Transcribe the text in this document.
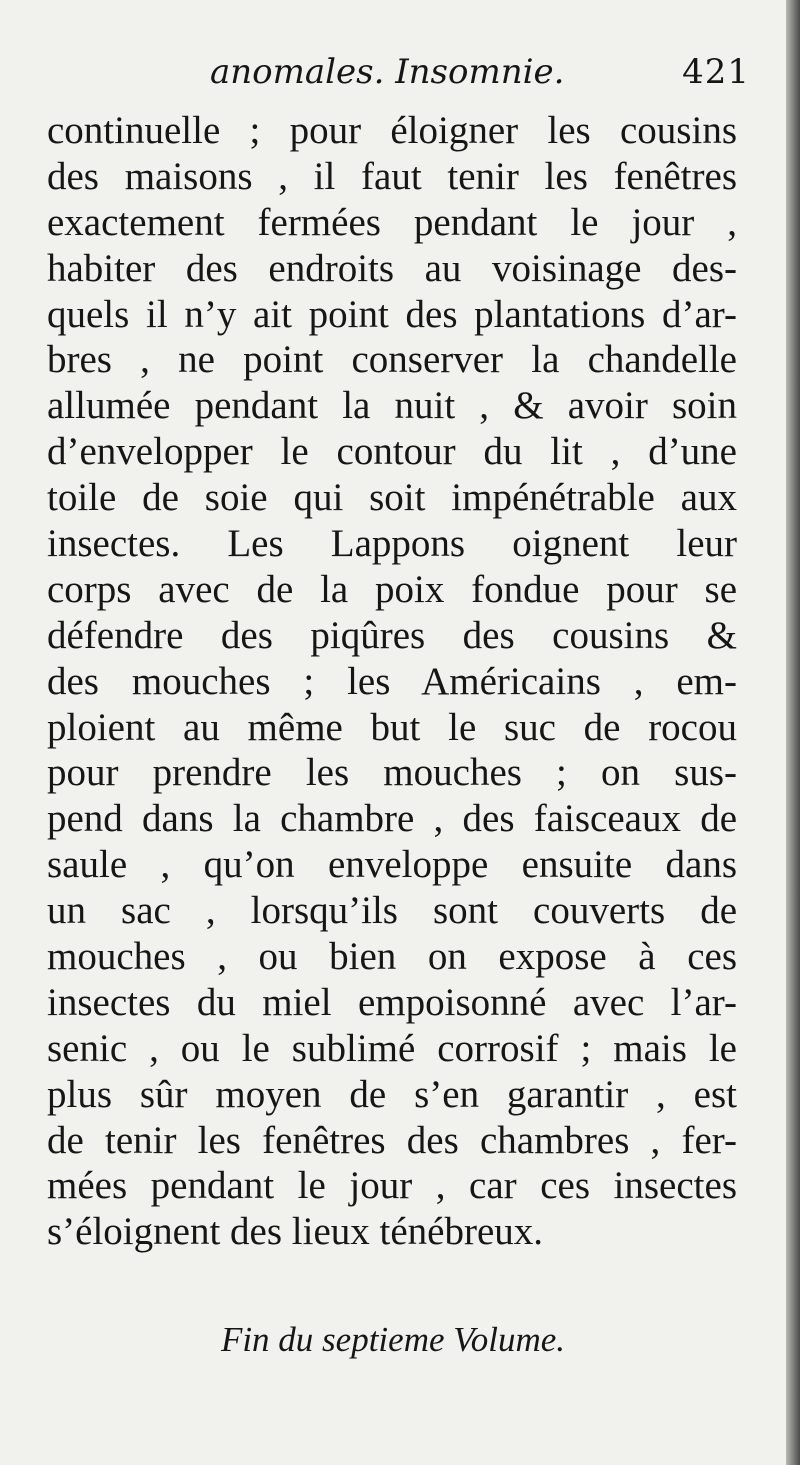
anomales. Insomnie.	421
continuelle ; pour éloigner les cousins
des maisons , il faut tenir les fenêtres
exactement fermées pendant le jour ,
habiter des endroits au voisinage des-
quels il n’y ait point des plantations d’ar-
bres , ne point conserver la chandelle
allumée pendant la nuit , & avoir soin
d’envelopper le contour du lit , d’une
toile de soie qui soit impénétrable aux
insectes. Les Lappons oignent leur
corps avec de la poix fondue pour se
défendre des piqûres des cousins &
des mouches ; les Américains , em-
ploient au même but le suc de rocou
pour prendre les mouches ; on sus-
pend dans la chambre , des faisceaux de
saule , qu’on enveloppe ensuite dans
un sac , lorsqu’ils sont couverts de
mouches , ou bien on expose à ces
insectes du miel empoisonné avec l’ar-
senic , ou le sublimé corrosif ; mais le
plus sûr moyen de s’en garantir , est
de tenir les fenêtres des chambres , fer-
mées pendant le jour , car ces insectes
s’éloignent des lieux ténébreux.
Fin du septieme Volume.
